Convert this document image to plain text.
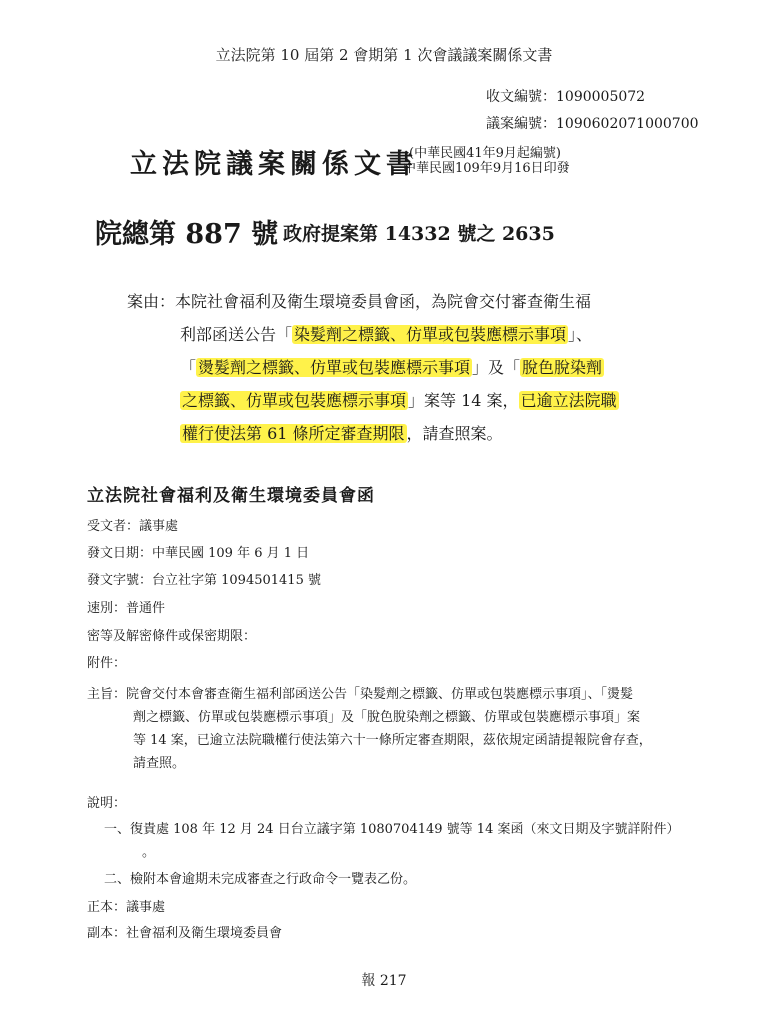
立法院第 10 屆第 2 會期第 1 次會議議案關係文書
收文編號：1090005072
議案編號：1090602071000700
立法院議案關係文書
(中華民國41年9月起編號)
中華民國109年9月16日印發
院總第 887 號 政府提案第 14332 號之 2635
案由：本院社會福利及衛生環境委員會函，為院會交付審查衛生福
利部函送公告「 染髮劑之標籤、仿單或包裝應標示事項 」、
「 燙髮劑之標籤、仿單或包裝應標示事項 」及「 脫色脫染劑
之標籤、仿單或包裝應標示事項 」案等 14 案， 已逾立法院職
權行使法第 61 條所定審查期限 ，請查照案。
立法院社會福利及衛生環境委員會函
受文者：議事處
發文日期：中華民國 109 年 6 月 1 日
發文字號：台立社字第 1094501415 號
速別：普通件
密等及解密條件或保密期限：
附件：
主旨：院會交付本會審查衛生福利部函送公告「染髮劑之標籤、仿單或包裝應標示事項」、「燙髮
劑之標籤、仿單或包裝應標示事項」及「脫色脫染劑之標籤、仿單或包裝應標示事項」案
等 14 案，已逾立法院職權行使法第六十一條所定審查期限，茲依規定函請提報院會存查，
請查照。
說明：
一、復貴處 108 年 12 月 24 日台立議字第 1080704149 號等 14 案函（來文日期及字號詳附件）
。
二、檢附本會逾期未完成審查之行政命令一覽表乙份。
正本：議事處
副本：社會福利及衛生環境委員會
報 217
